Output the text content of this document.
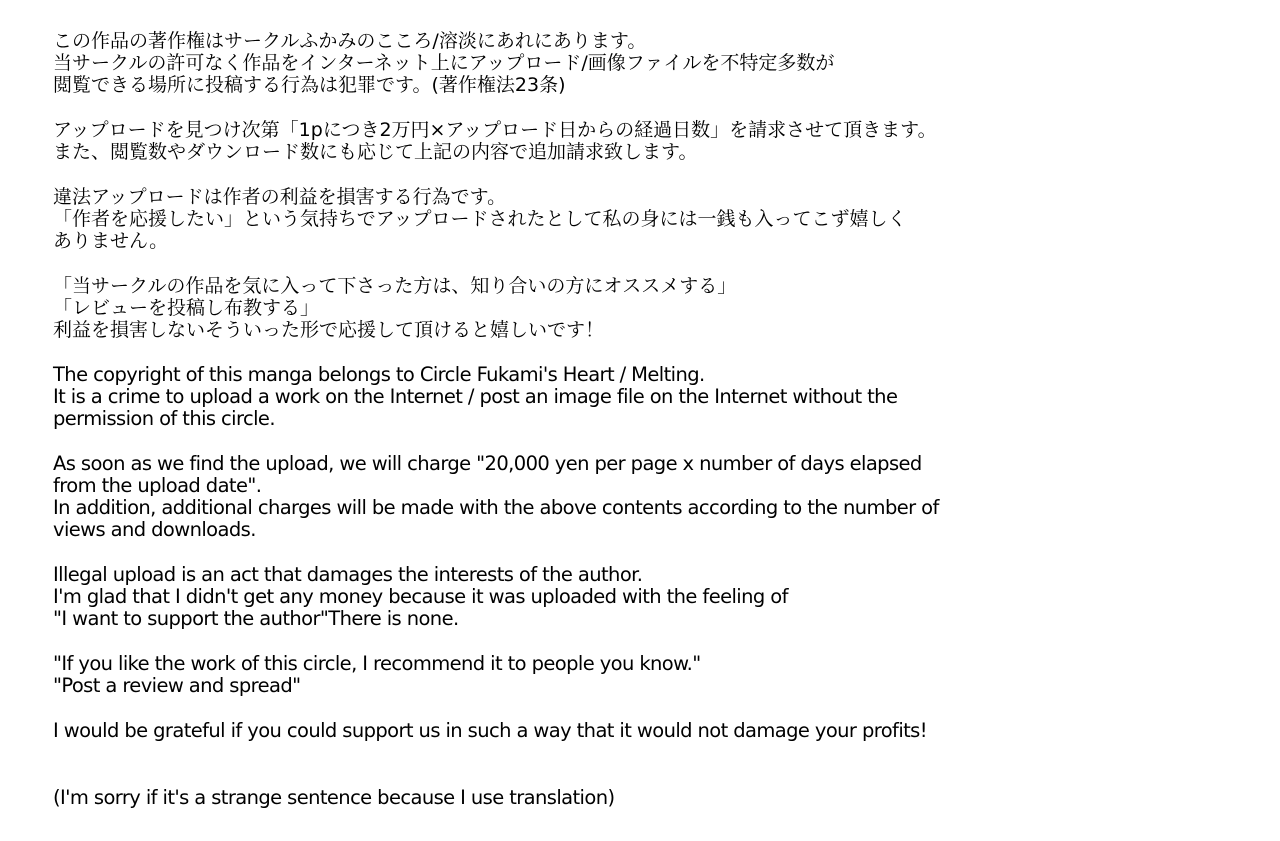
この作品の著作権はサークルふかみのこころ/溶淡にあれにあります。

当サークルの許可なく作品をインターネット上にアップロード/画像ファイルを不特定多数が

閲覧できる場所に投稿する行為は犯罪です。(著作権法23条)

アップロードを見つけ次第「1pにつき2万円×アップロード日からの経過日数」を請求させて頂きます。

また、閲覧数やダウンロード数にも応じて上記の内容で追加請求致します。

違法アップロードは作者の利益を損害する行為です。

「作者を応援したい」という気持ちでアップロードされたとして私の身には一銭も入ってこず嬉しく

ありません。

「当サークルの作品を気に入って下さった方は、知り合いの方にオススメする」

「レビューを投稿し布教する」

利益を損害しないそういった形で応援して頂けると嬉しいです！

The copyright of this manga belongs to Circle Fukami's Heart / Melting.

It is a crime to upload a work on the Internet / post an image file on the Internet without the

permission of this circle.

As soon as we find the upload, we will charge "20,000 yen per page x number of days elapsed

from the upload date".

In addition, additional charges will be made with the above contents according to the number of

views and downloads.

Illegal upload is an act that damages the interests of the author.

I'm glad that I didn't get any money because it was uploaded with the feeling of

"I want to support the author"There is none.

"If you like the work of this circle, I recommend it to people you know."

"Post a review and spread"

I would be grateful if you could support us in such a way that it would not damage your profits!

(I'm sorry if it's a strange sentence because I use translation)
